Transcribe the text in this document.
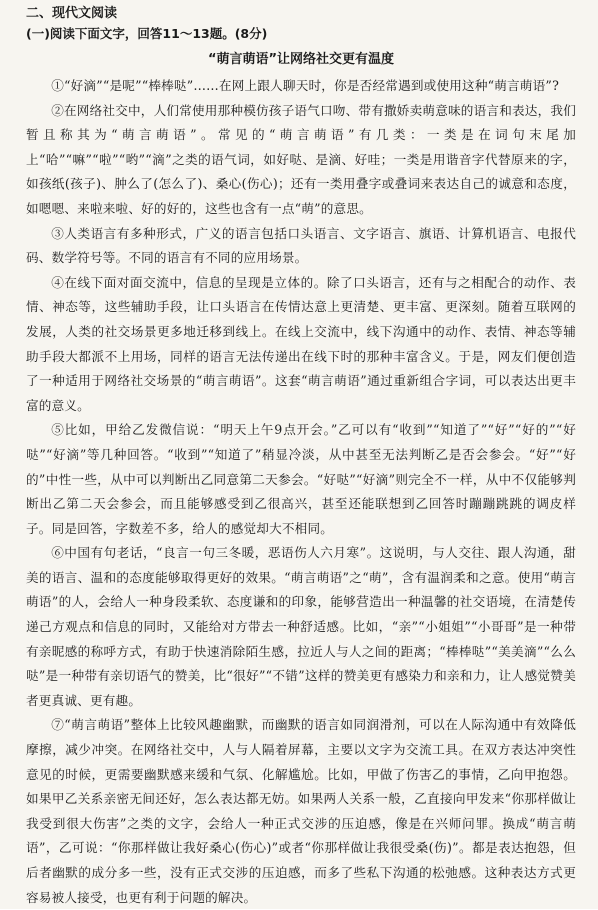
二、现代文阅读
(一)阅读下面文字，回答11～13题。(8分)
“萌言萌语”让网络社交更有温度

①“好滴”“是呢”“棒棒哒”……在网上跟人聊天时，你是否经常遇到或使用这种“萌言萌语”?

②在网络社交中，人们常使用那种模仿孩子语气口吻、带有撒娇卖萌意味的语言和表达，我们暂且称其为“萌言萌语”。常见的“萌言萌语”有几类：一类是在词句末尾加上“哈”“嘛”“啦”“哟”“滴”之类的语气词，如好哒、是滴、好哇；一类是用谐音字代替原来的字，如孩纸(孩子)、肿么了(怎么了)、桑心(伤心)；还有一类用叠字或叠词来表达自己的诚意和态度，如嗯嗯、来啦来啦、好的好的，这些也含有一点“萌”的意思。

③人类语言有多种形式，广义的语言包括口头语言、文字语言、旗语、计算机语言、电报代码、数学符号等。不同的语言有不同的应用场景。

④在线下面对面交流中，信息的呈现是立体的。除了口头语言，还有与之相配合的动作、表情、神态等，这些辅助手段，让口头语言在传情达意上更清楚、更丰富、更深刻。随着互联网的发展，人类的社交场景更多地迁移到线上。在线上交流中，线下沟通中的动作、表情、神态等辅助手段大都派不上用场，同样的语言无法传递出在线下时的那种丰富含义。于是，网友们便创造了一种适用于网络社交场景的“萌言萌语”。这套“萌言萌语”通过重新组合字词，可以表达出更丰富的意义。

⑤比如，甲给乙发微信说：“明天上午9点开会。”乙可以有“收到”“知道了”“好”“好的”“好哒”“好滴”等几种回答。“收到”“知道了”稍显冷淡，从中甚至无法判断乙是否会参会。“好”“好的”中性一些，从中可以判断出乙同意第二天参会。“好哒”“好滴”则完全不一样，从中不仅能够判断出乙第二天会参会，而且能够感受到乙很高兴，甚至还能联想到乙回答时蹦蹦跳跳的调皮样子。同是回答，字数差不多，给人的感觉却大不相同。

⑥中国有句老话，“良言一句三冬暖，恶语伤人六月寒”。这说明，与人交往、跟人沟通，甜美的语言、温和的态度能够取得更好的效果。“萌言萌语”之“萌”，含有温润柔和之意。使用“萌言萌语”的人，会给人一种身段柔软、态度谦和的印象，能够营造出一种温馨的社交语境，在清楚传递己方观点和信息的同时，又能给对方带去一种舒适感。比如，“亲”“小姐姐”“小哥哥”是一种带有亲昵感的称呼方式，有助于快速消除陌生感，拉近人与人之间的距离；“棒棒哒”“美美滴”“么么哒”是一种带有亲切语气的赞美，比“很好”“不错”这样的赞美更有感染力和亲和力，让人感觉赞美者更真诚、更有趣。

⑦“萌言萌语”整体上比较风趣幽默，而幽默的语言如同润滑剂，可以在人际沟通中有效降低摩擦，减少冲突。在网络社交中，人与人隔着屏幕，主要以文字为交流工具。在双方表达冲突性意见的时候，更需要幽默感来缓和气氛、化解尴尬。比如，甲做了伤害乙的事情，乙向甲抱怨。如果甲乙关系亲密无间还好，怎么表达都无妨。如果两人关系一般，乙直接向甲发来“你那样做让我受到很大伤害”之类的文字，会给人一种正式交涉的压迫感，像是在兴师问罪。换成“萌言萌语”，乙可说：“你那样做让我好桑心(伤心)”或者“你那样做让我很受桑(伤)”。都是表达抱怨，但后者幽默的成分多一些，没有正式交涉的压迫感，而多了些私下沟通的松弛感。这种表达方式更容易被人接受，也更有利于问题的解决。
